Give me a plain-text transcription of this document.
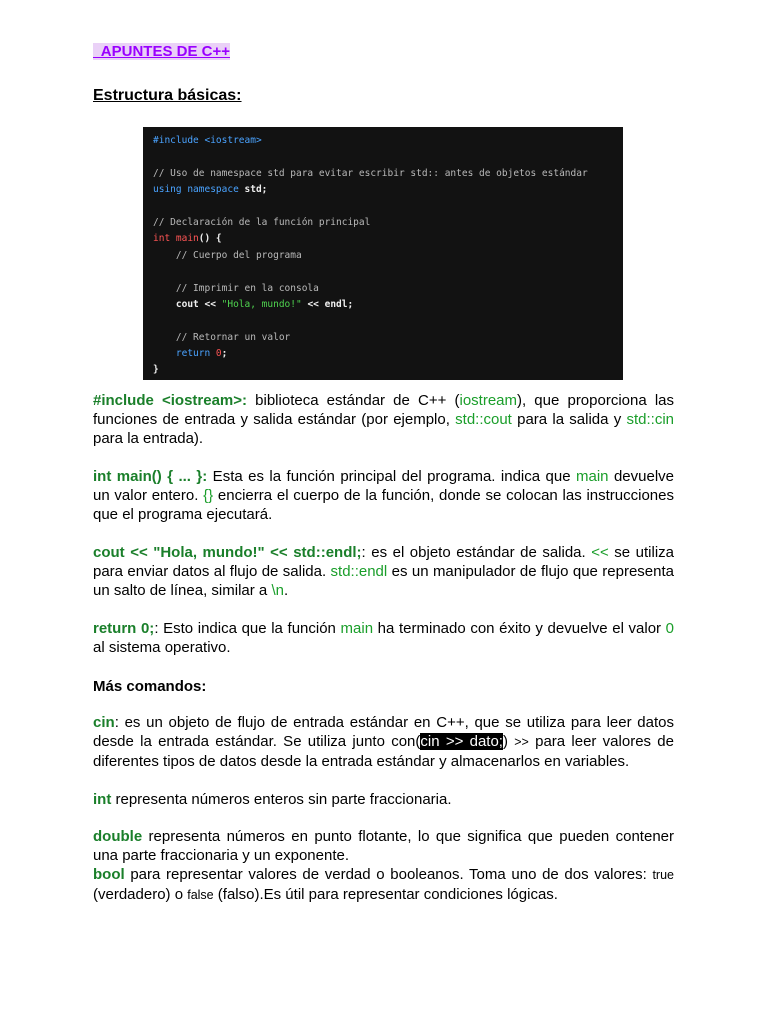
APUNTES DE C++
Estructura básicas:
#include <iostream>
// Uso de namespace std para evitar escribir std:: antes de objetos estándar
using namespace std;
// Declaración de la función principal
int main() {
// Cuerpo del programa
// Imprimir en la consola
cout << "Hola, mundo!" << endl;
// Retornar un valor
return 0;
}
#include <iostream>: biblioteca estándar de C++ (iostream), que proporciona las funciones de entrada y salida estándar (por ejemplo, std::cout para la salida y std::cin para la entrada).
int main() { ... }: Esta es la función principal del programa. indica que main devuelve un valor entero. {} encierra el cuerpo de la función, donde se colocan las instrucciones que el programa ejecutará.
cout << "Hola, mundo!" << std::endl;: es el objeto estándar de salida. << se utiliza para enviar datos al flujo de salida. std::endl es un manipulador de flujo que representa un salto de línea, similar a \n.
return 0;: Esto indica que la función main ha terminado con éxito y devuelve el valor 0 al sistema operativo.
Más comandos:
cin: es un objeto de flujo de entrada estándar en C++, que se utiliza para leer datos desde la entrada estándar. Se utiliza junto con(cin >> dato;) >> para leer valores de diferentes tipos de datos desde la entrada estándar y almacenarlos en variables.
int representa números enteros sin parte fraccionaria.
double representa números en punto flotante, lo que significa que pueden contener una parte fraccionaria y un exponente.
bool para representar valores de verdad o booleanos. Toma uno de dos valores: true (verdadero) o false (falso).Es útil para representar condiciones lógicas.
